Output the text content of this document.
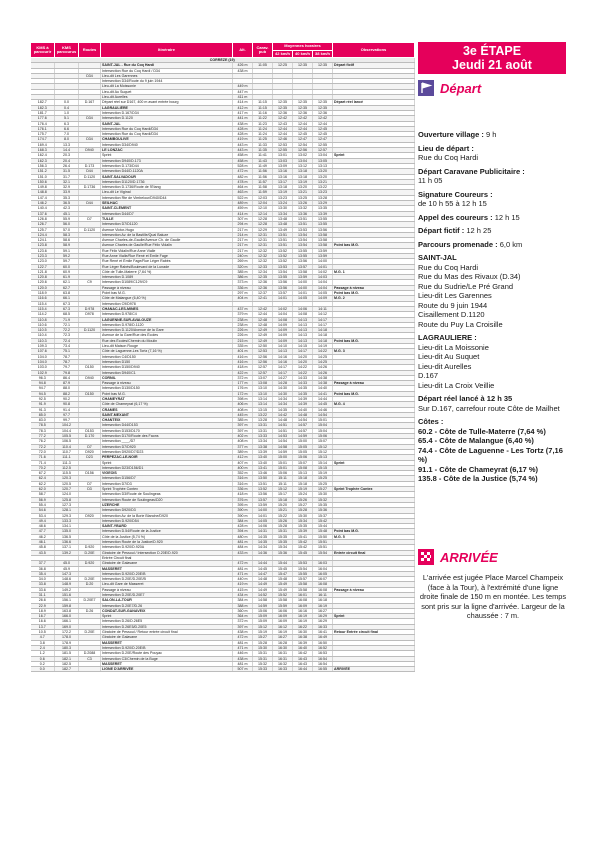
KMS à parcourir	KMS parcourus	Routes	Itinéraire	Alt.	Carav. pub	Moyennes horaires			Observations
						42 km/h	40 km/h	38 km/h	
CORRÈZE (19)									
			SAINT-JAL - Rue du Coq Hardi	426 m	11:05	12:25	12:35	12:35	Départ fictif
			Intersection Rue du Coq Hardi / D34	438 m					
		D34	Lieu-dit Les Garennes						
			Intersection D34/Route du 9 juin 1944						
			Lieu-dit La Moissonie	449 m					
			Lieu-dit Au Suquet	447 m					
			Lieu-dit Aurelles	411 m					
182.7	0.0	D.167	Départ réel sur D167, 400 m avant entrée bourg	414 m	11:15	12:35	12:35	12:35	Départ réel lancé
182.3	0.4		LAGRAULIÈRE	412 m	11:15	12:35	12:35	12:35	
181.7	1.0		Intersection D.167/D34	417 m	11:16	12:36	12:36	12:36	
177.6	5.1	D34	Intersection D.1120	441 m	11:22	12:42	12:42	12:42	
176.4	6.3		SAINT-JAL	438 m	11:23	12:43	12:44	12:44	
176.1	6.6		Intersection Rue du Coq Hardi/D34	428 m	11:24	12:44	12:44	12:45	
175.7	7.0		Intersection Rue du Coq Hardi/D34	428 m	11:24	12:44	12:45	12:45	
174.7	8.0	D34	CHAMBOULIVE	419 m	11:25	12:46	12:47	12:47	
169.4	13.3		Intersection D34/D940	443 m	11:33	12:53	12:54	12:55	
168.3	14.4	D940	LE LONZAC	443 m	11:35	12:55	12:56	12:57	
162.4	20.3		Sprint	458 m	11:41	13:01	13:02	13:04	Sprint
162.3	20.4		Intersection D940/D.173	458 m	11:43	13:03	13:04	13:05	
156.3	26.4	D.173	Intersection D.173/D44	528 m	11:49	13:09	13:12	13:13	
151.2	31.5	D44	Intersection D44/D.1120A	472 m	11:56	13:16	13:18	13:20	
151.0	31.7	D.1120	SAINT-SALVADOUR	482 m	11:56	13:16	13:18	13:20	
150.6	32.1		Intersection D1120/D.1736	478 m	11:57	13:17	13:19	13:21	
149.8	32.9	D.1736	Intersection D.1736/Route de l'Étang	464 m	11:58	13:18	13:20	13:22	
148.8	33.9		Lieu-dit Le Viginal	463 m	11:59	13:19	13:21	13:23	
147.4	35.3		Intersection Rte de Vimbelour/D940/D44	522 m	12:03	13:23	13:25	13:28	
146.2	36.5	D44	SEILHAC	489 m	12:04	13:24	13:26	13:29	
140.4	42.3		SAINT-CLÉMENT	459 m	12:10	13:30	13:32	13:35	
137.6	45.1		Intersection D44/D7	414 m	12:14	13:34	13:36	13:39	
126.8	55.9	D7	TULLE	307 m	12:28	13:48	13:51	13:55	
126.7	56.0		Intersection D7/D1120	294 m	12:28	13:48	13:51	13:55	
125.7	57.0	D.1120	Avenue Victor-Hugo	217 m	12:29	13:49	13:53	13:56	
124.4	58.3		Intersection Av. de la Bastille/Quai Baluze	214 m	12:31	13:51	13:54	13:58	
124.1	58.6		Avenue Charles-de-Gaulle/Avenue Ch. de Gaulle	217 m	12:31	13:51	13:54	13:58	
123.8	58.9		Avenue Charles de Gaulle/Rue Félix Vidalin	217 m	12:31	13:51	13:54	13:58	Point bas M.G.
123.6	59.1		Rue Félix Vidalin/Rue Anne Vialle	217 m	12:32	13:52	13:55	13:59	
123.3	59.2		Rue Anne Vialle/Rue René et Émile Fage	240 m	12:32	13:52	13:55	13:59	
123.0	59.7		Rue René et Émile Fage/Rue Léger Rabès	269 m	12:32	13:52	13:56	14:00	
122.7	60.0		Rue Léger Rabès/Boulevard de la Lunade	320 m	12:33	13:53	13:57	14:01	
121.8	60.9		Côte de Tulle-Materre (7,64 %)	385 m	12:34	13:54	13:58	14:02	M.G. 1
120.8	61.9		Intersection D.1089	386 m	12:35	13:55	13:59	14:03	
120.6	62.1	C9	Intersection D1089/C129/C9	373 m	12:36	13:56	14:00	14:04	
120.0	62.7		Passage à niveau	336 m	12:36	13:56	14:00	14:04	Passage à niveau
118.9	63.8		Point bas M.G.	297 m	12:37	13:57	14:01	14:05	Point bas M.G.
116.6	66.1		Côte de Malangue (6,40 %)	404 m	12:41	14:01	14:05	14:09	M.G. 2
115.4	67.3		Intersection C9/D978						
115.4	67.3	D.978	CHANAC-LES-MINES	437 m	12:42	14:02	14:06	14:11	
114.2	68.5	D978	Intersection D.978/C4	379 m	12:44	14:04	14:08	14:12	
110.8	71.9		LAGUENNE-SUR-AVALOUZE	238 m	12:48	14:08	14:13	14:17	
110.6	72.1		Intersection D.978/D.1120	238 m	12:48	14:09	14:13	14:17	
110.5	72.2	D.1120	Intersection D.1120/Avenue de la Gare	226 m	12:49	14:09	14:13	14:18	
110.4	72.3		Avenue de la Gare/Rue des Écoles	226 m	12:49	14:09	14:13	14:18	
110.3	72.4		Rue des Écoles/Chemin du Moulin	215 m	12:49	14:09	14:13	14:18	Point bas M.G.
109.3	73.4		Lieu-dit Maison Rouge	335 m	12:50	14:10	14:15	14:19	
107.6	75.1		Côte de Laguenne-Les Tortz (7,16 %)	401 m	12:53	14:13	14:17	14:22	M.G. 3
104.0	78.7		Intersection C4/D150	416 m	12:56	14:16	14:20	14:25	
104.0	78.7		Intersection D150	416 m	12:56	14:16	14:20	14:25	
103.0	79.7	D150	Intersection D150/D940	418 m	12:57	14:17	14:22	14:26	
102.9	79.8		Intersection D940/C1	422 m	12:57	14:17	14:22	14:26	
96.3	86.4	D940	CORNIL	372 m	13:07	14:27	14:33	14:38	
94.8	87.9		Passage à niveau	177 m	13:08	14:28	14:33	14:38	Passage à niveau
94.7	88.0		Intersection D130/D150	176 m	13:10	14:30	14:35	14:40	
94.5	88.2	D150	Point bas M.G.	172 m	13:10	14:30	14:35	14:41	Point bas M.G.
92.5	90.2		CHAMEYRAT	398 m	13:14	14:34	14:39	14:44	
91.9	90.8		Côte de Chameyrat (6,17 %)	406 m	13:14	14:34	14:39	14:45	M.G. 4
91.3	91.4		CRAMES	408 m	13:15	14:35	14:40	14:46	
85.0	97.7		SAINT-MEXANT	445 m	13:22	14:42	14:48	14:54	
83.0	99.7		CHANTEIX	385 m	13:28	14:48	14:54	15:01	
78.5	104.2		Intersection D44/D153	397 m	13:31	14:51	14:57	15:04	
78.3	104.4	D153	Intersection D153/D170	397 m	13:31	14:51	14:57	15:04	
77.2	105.5	D.170	Intersection D170/Route des Faons	402 m	13:33	14:53	14:59	15:06	
76.2	106.5		Intersection ____/D7	408 m	13:34	14:54	15:00	15:07	
72.2	110.4	D7	Intersection D7/D920	377 m	13:38	14:58	15:05	15:12	
72.0	110.7	D920	Intersection D920/D7/D23	389 m	13:39	14:59	15:05	15:12	
71.6	111.1	D23	PERPEZAC-LE-NOIR	412 m	13:40	15:00	15:06	15:13	
71.4	111.3		Sprint	407 m	13:40	15:01	15:07	15:14	Sprint
70.2	112.5		Intersection D23/D156/D1	400 m	13:41	15:01	15:08	15:15	
67.2	115.5	D156	VIGEOIS	352 m	13:46	15:06	15:13	15:19	
62.4	120.3		Intersection D156/D7	316 m	13:50	15:11	15:18	15:25	
62.2	120.5	D7	Intersection D7/D3	316 m	13:51	15:11	15:18	15:25	
62.0	120.7	D3	Sprint Trophée Contex	336 m	13:52	15:12	15:19	15:27	Sprint Trophée Contex
58.7	124.0		Intersection D3/Route de Soulingeas	418 m	13:56	15:17	15:24	15:30	
56.9	125.8		Intersection Route de Soulingeas/D20	376 m	13:57	15:18	15:26	15:32	
55.4	127.3		UZERCHE	395 m	13:59	15:20	15:27	15:35	
54.6	128.1		Intersection D920/D3	390 m	14:00	15:21	15:28	15:36	
53.4	129.3	D920	Intersection Av. de la Borie Blanche/D920	390 m	14:01	15:22	15:30	15:37	
49.4	133.3		Intersection D.920/D54	384 m	14:05	15:26	15:34	15:42	
48.6	134.1		SAINT-YBARD	428 m	14:06	15:28	15:35	15:44	
47.7	135.0		Intersection D.54/Route de la Justice	394 m	14:31	15:31	15:39	15:48	Point bas M.G.
46.2	136.5		Côte de la Justice (5,74 %)	480 m	14:35	15:35	15:41	15:50	M.G. 5
46.1	136.6		Intersection Route de la Justice/D.920	481 m	14:35	15:35	15:42	15:51	
45.8	137.1	D.920	Intersection D.920/D.920A	484 m	14:34	15:34	15:42	15:51	
43.5	139.2	D.20E	Giratoire de Pessoul / Intersection D.20E/D.920	433 m	14:36	15:36	15:45	15:54	Entrée circuit final
			Entrée Circuit final						
37.7	45.0	D.920	Giratoire de Galavane	472 m	14:44	15:44	15:53	16:03	
36.8	45.9		MASSERET	481 m	14:45	15:45	15:54	16:04	
35.4	147.3		Intersection D.920/D.20E/B	471 m	14:47	15:47	15:55	16:05	
34.0	148.6	D.20E	Intersection D.20E/D.20E/B	440 m	14:48	15:48	15:57	16:07	
33.8	148.9	D.20	Lieu-dit Gare de Masseret	419 m	14:49	15:49	15:58	16:08	
33.6	149.2		Passage à niveau	415 m	14:49	15:49	15:58	16:08	Passage à niveau
31.1	151.6		Intersection D.20E/D.20E7	434 m	14:52	15:52	16:01	16:11	
26.6	156.1	D.20E7	SALON-LA-TOUR	384 m	14:58	15:58	16:08	16:18	
22.9	159.8		Intersection D.20E7/D.26	388 m	14:59	15:59	16:09	16:19	
18.9	163.8	D.26	CONDAT-SUR-GANAVEIX	360 m	15:06	16:06	16:16	16:27	
16.7	166.0		Sprint	364 m	15:09	16:09	16:19	16:29	Sprint
16.6	166.1		Intersection D.26/D.26E5	372 m	15:09	16:09	16:19	16:29	
13.7	169.0		Intersection D.26E5/D.20E5	397 m	15:12	16:12	16:22	16:33	
10.5	172.2	D.20E	Giratoire de Pessoul / Retour entrée circuit final	438 m	15:19	16:19	16:30	16:41	Retour Entrée circuit final
4.7	178.0		Giratoire de Galavane	472 m	15:27	16:27	16:38	16:49	
3.8	178.9		MASSERET	481 m	15:28	16:28	16:39	16:50	
2.4	180.3		Intersection D.920/D.20E/B	471 m	15:30	16:30	16:40	16:52	
1.2	181.5	D.2088	Intersection D.20E/Route des Pouyac	446 m	15:31	16:31	16:42	16:53	
0.6	182.1	C3	Intersection C3/Chemin de la Buge	438 m	15:31	16:31	16:43	16:54	
0.2	182.5		MASSERET	481 m	15:32	16:32	16:43	16:54	
0.0	182.7		LIGNE D'ARRIVÉE	507 m	15:33	16:33	16:44	16:55	ARRIVÉE
3e ÉTAPE
Jeudi 21 août
Départ

Ouverture village : 9 h

Lieu de départ :
Rue du Coq Hardi

Départ Caravane Publicitaire :
11 h 05

Signature Coureurs :
de 10 h 55 à 12 h 15

Appel des coureurs : 12 h 15

Départ fictif : 12 h 25

Parcours promenade : 6,0 km

SAINT-JAL
Rue du Coq Hardi
Rue du Mas des Rivaux (D.34)
Rue du Sudrie/Le Pré Grand
Lieu-dit Les Garennes
Route du 9 juin 1944
Cisaillement D.1120
Route du Puy La Croisille
LAGRAULIERE :
Lieu-dit La Moissonie
Lieu-dit Au Suquet
Lieu-dit Aurelles
D.167
Lieu-dit La Croix Veillie

Départ réel lancé à 12 h 35
Sur D.167, carrefour route Côte de Mailhet

Côtes :
60.2 - Côte de Tulle-Materre (7,64 %)
65.4 - Côte de Malangue (6,40 %)
74.4 - Côte de Laguenne - Les Tortz (7,16 %)
91.1 - Côte de Chameyrat (6,17 %)
135.8 - Côte de la Justice (5,74 %)
ARRIVÉE
L'arrivée est jugée Place Marcel Champeix (face à la Tour), à l'extrémité d'une ligne droite finale de 150 m en montée. Les temps sont pris sur la ligne d'arrivée. Largeur de la chaussée : 7 m.
